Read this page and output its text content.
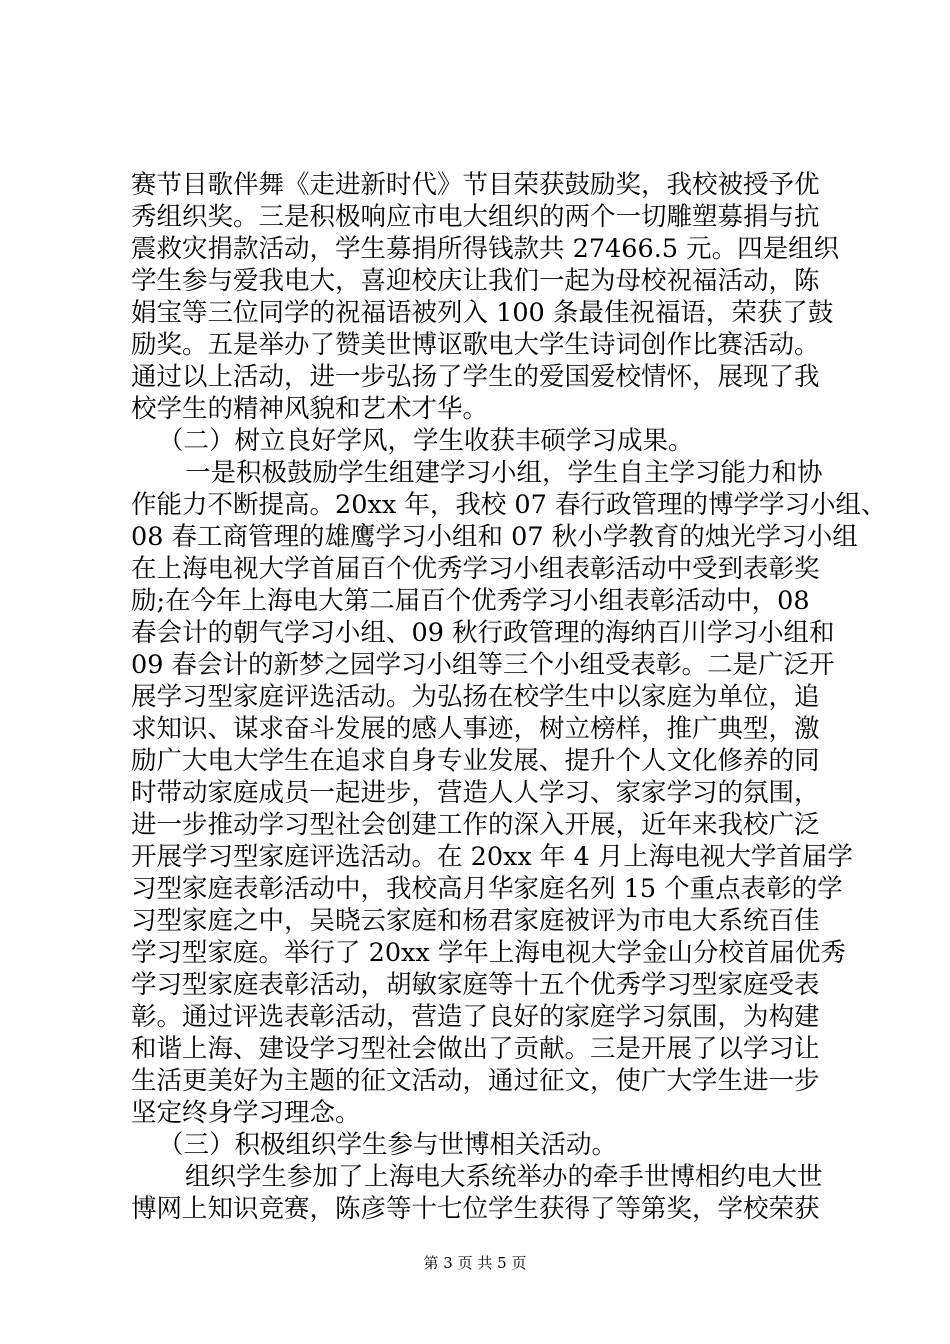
赛节目歌伴舞《走进新时代》节目荣获鼓励奖，我校被授予优

秀组织奖。三是积极响应市电大组织的两个一切雕塑募捐与抗

震救灾捐款活动，学生募捐所得钱款共 27466.5 元。四是组织

学生参与爱我电大，喜迎校庆让我们一起为母校祝福活动，陈

娟宝等三位同学的祝福语被列入 100 条最佳祝福语，荣获了鼓

励奖。五是举办了赞美世博讴歌电大学生诗词创作比赛活动。

通过以上活动，进一步弘扬了学生的爱国爱校情怀，展现了我

校学生的精神风貌和艺术才华。

（二）树立良好学风，学生收获丰硕学习成果。

一是积极鼓励学生组建学习小组，学生自主学习能力和协

作能力不断提高。20xx 年，我校 07 春行政管理的博学学习小组、

08 春工商管理的雄鹰学习小组和 07 秋小学教育的烛光学习小组

在上海电视大学首届百个优秀学习小组表彰活动中受到表彰奖

励;在今年上海电大第二届百个优秀学习小组表彰活动中，08

春会计的朝气学习小组、09 秋行政管理的海纳百川学习小组和

09 春会计的新梦之园学习小组等三个小组受表彰。二是广泛开

展学习型家庭评选活动。为弘扬在校学生中以家庭为单位，追

求知识、谋求奋斗发展的感人事迹，树立榜样，推广典型，激

励广大电大学生在追求自身专业发展、提升个人文化修养的同

时带动家庭成员一起进步，营造人人学习、家家学习的氛围，

进一步推动学习型社会创建工作的深入开展，近年来我校广泛

开展学习型家庭评选活动。在 20xx 年 4 月上海电视大学首届学

习型家庭表彰活动中，我校高月华家庭名列 15 个重点表彰的学

习型家庭之中，吴晓云家庭和杨君家庭被评为市电大系统百佳

学习型家庭。举行了 20xx 学年上海电视大学金山分校首届优秀

学习型家庭表彰活动，胡敏家庭等十五个优秀学习型家庭受表

彰。通过评选表彰活动，营造了良好的家庭学习氛围，为构建

和谐上海、建设学习型社会做出了贡献。三是开展了以学习让

生活更美好为主题的征文活动，通过征文，使广大学生进一步

坚定终身学习理念。

（三）积极组织学生参与世博相关活动。

组织学生参加了上海电大系统举办的牵手世博相约电大世

博网上知识竞赛，陈彦等十七位学生获得了等第奖，学校荣获

第 3 页 共 5 页
